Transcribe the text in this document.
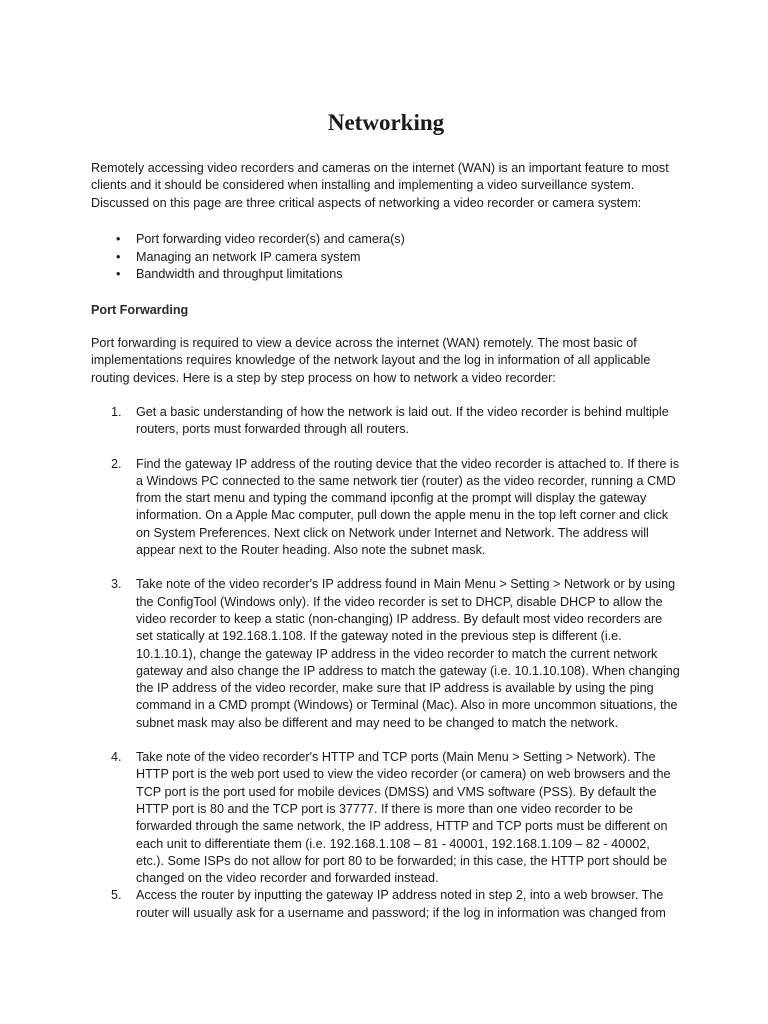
Networking

Remotely accessing video recorders and cameras on the internet (WAN) is an important feature to most clients and it should be considered when installing and implementing a video surveillance system. Discussed on this page are three critical aspects of networking a video recorder or camera system:

• Port forwarding video recorder(s) and camera(s)
• Managing an network IP camera system
• Bandwidth and throughput limitations
Port Forwarding

Port forwarding is required to view a device across the internet (WAN) remotely. The most basic of implementations requires knowledge of the network layout and the log in information of all applicable routing devices. Here is a step by step process on how to network a video recorder:

1. Get a basic understanding of how the network is laid out. If the video recorder is behind multiple routers, ports must forwarded through all routers.
2. Find the gateway IP address of the routing device that the video recorder is attached to. If there is a Windows PC connected to the same network tier (router) as the video recorder, running a CMD from the start menu and typing the command ipconfig at the prompt will display the gateway information. On a Apple Mac computer, pull down the apple menu in the top left corner and click on System Preferences. Next click on Network under Internet and Network. The address will appear next to the Router heading. Also note the subnet mask.
3. Take note of the video recorder's IP address found in Main Menu > Setting > Network or by using the ConfigTool (Windows only). If the video recorder is set to DHCP, disable DHCP to allow the video recorder to keep a static (non-changing) IP address. By default most video recorders are set statically at 192.168.1.108. If the gateway noted in the previous step is different (i.e. 10.1.10.1), change the gateway IP address in the video recorder to match the current network gateway and also change the IP address to match the gateway (i.e. 10.1.10.108). When changing the IP address of the video recorder, make sure that IP address is available by using the ping command in a CMD prompt (Windows) or Terminal (Mac). Also in more uncommon situations, the subnet mask may also be different and may need to be changed to match the network.
4. Take note of the video recorder's HTTP and TCP ports (Main Menu > Setting > Network). The HTTP port is the web port used to view the video recorder (or camera) on web browsers and the TCP port is the port used for mobile devices (DMSS) and VMS software (PSS). By default the HTTP port is 80 and the TCP port is 37777. If there is more than one video recorder to be forwarded through the same network, the IP address, HTTP and TCP ports must be different on each unit to differentiate them (i.e. 192.168.1.108 – 81 - 40001, 192.168.1.109 – 82 - 40002, etc.). Some ISPs do not allow for port 80 to be forwarded; in this case, the HTTP port should be changed on the video recorder and forwarded instead.
5. Access the router by inputting the gateway IP address noted in step 2, into a web browser. The router will usually ask for a username and password; if the log in information was changed from
